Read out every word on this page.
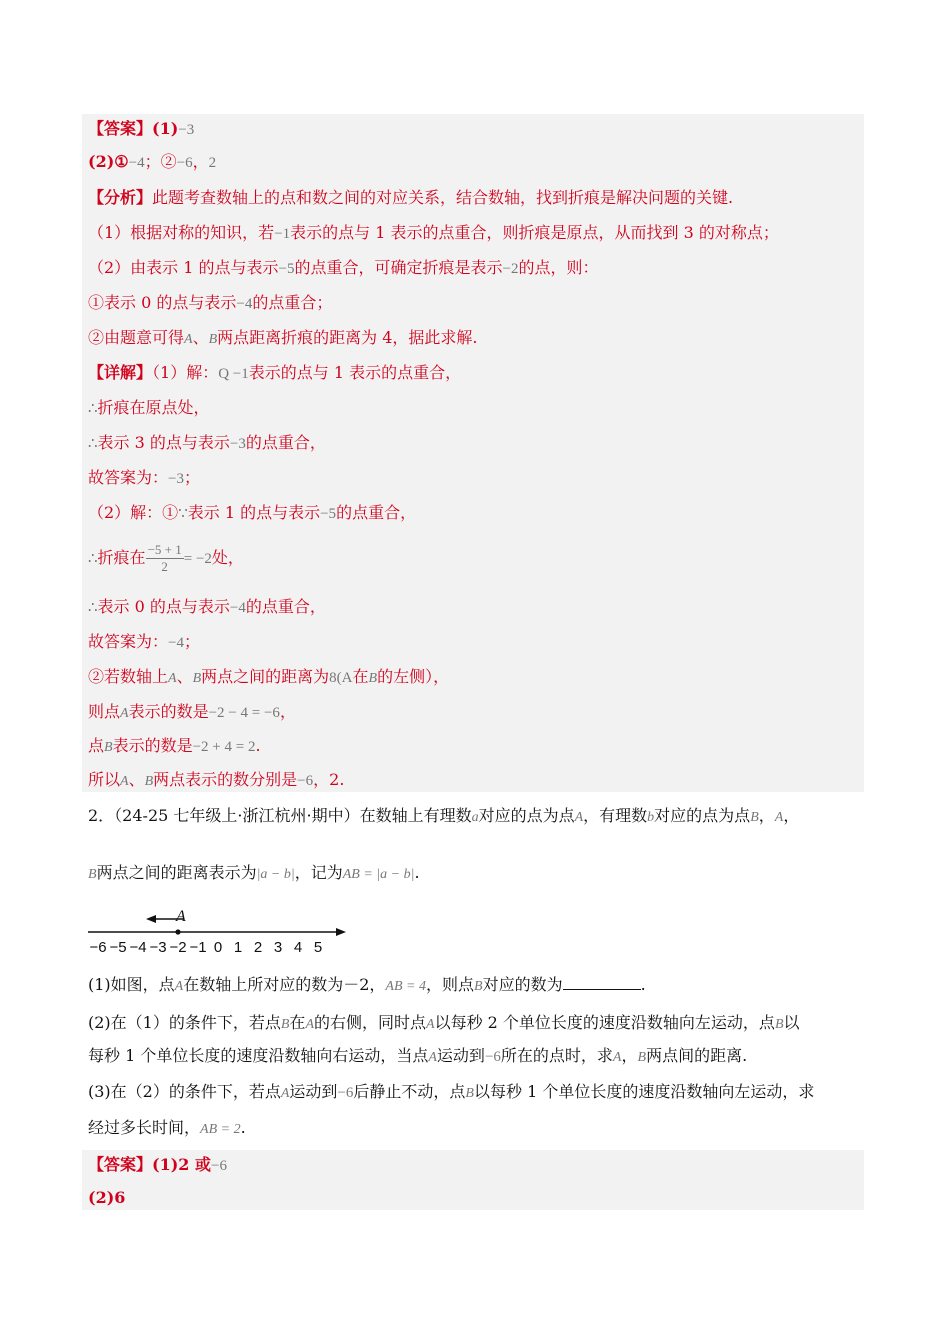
【答案】(1)−3
(2)①−4；②−6，2
【分析】此题考查数轴上的点和数之间的对应关系，结合数轴，找到折痕是解决问题的关键.
（1）根据对称的知识，若−1表示的点与 1 表示的点重合，则折痕是原点，从而找到 3 的对称点；
（2）由表示 1 的点与表示−5的点重合，可确定折痕是表示−2的点，则：
①表示 0 的点与表示−4的点重合；
②由题意可得A、B两点距离折痕的距离为 4，据此求解.
【详解】（1）解：Q −1表示的点与 1 表示的点重合，
∴折痕在原点处，
∴表示 3 的点与表示−3的点重合，
故答案为：−3；
（2）解：①∵表示 1 的点与表示−5的点重合，
∴折痕在 $\frac{-5 + 1}{2} = -2$处，
∴表示 0 的点与表示−4的点重合，
故答案为：−4；
②若数轴上A、B两点之间的距离为8(A在B的左侧），
则点A表示的数是−2 − 4 = −6，
点B表示的数是−2 + 4 = 2.
所以A、B两点表示的数分别是−6，2.
2．（24-25 七年级上·浙江杭州·期中）在数轴上有理数a对应的点为点A，有理数b对应的点为点B，A，
B两点之间的距离表示为|a − b|，记为AB = |a − b|.
A
−6 −5 −4 −3 −2 −1 0 1 2 3 4 5
(1)如图，点A在数轴上所对应的数为－2，AB = 4，则点B对应的数为	.
(2)在（1）的条件下，若点B在A的右侧，同时点A以每秒 2 个单位长度的速度沿数轴向左运动，点B以
每秒 1 个单位长度的速度沿数轴向右运动，当点A运动到−6所在的点时，求A，B两点间的距离.
(3)在（2）的条件下，若点A运动到−6后静止不动，点B以每秒 1 个单位长度的速度沿数轴向左运动，求
经过多长时间，AB = 2.
【答案】(1)2 或−6
(2)6
